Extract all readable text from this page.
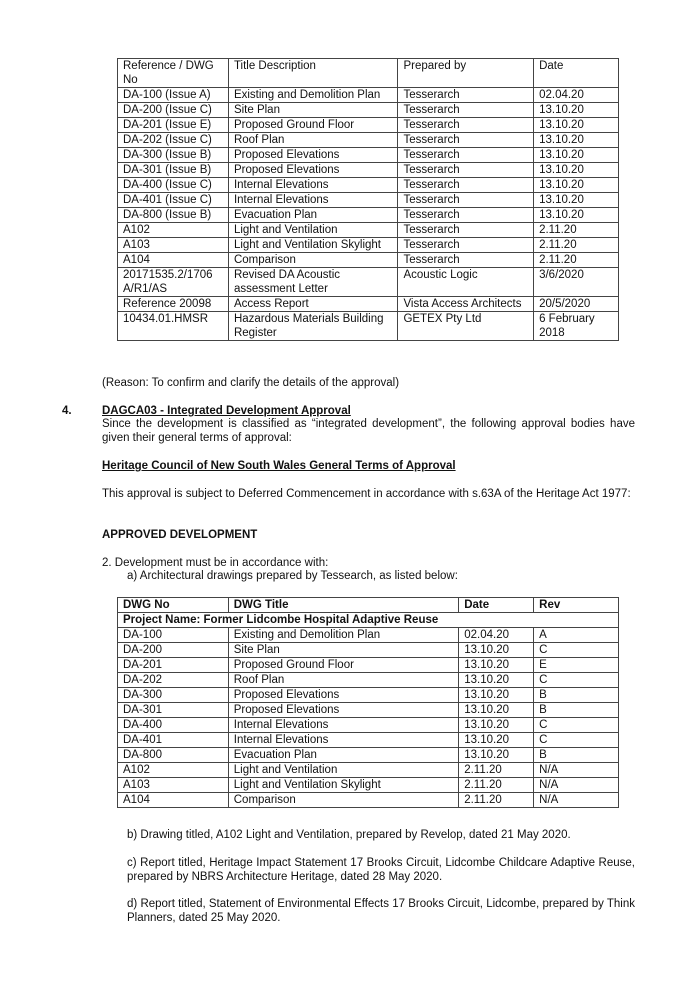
Reference / DWG No	Title Description	Prepared by	Date
DA-100 (Issue A)	Existing and Demolition Plan	Tesserarch	02.04.20
DA-200 (Issue C)	Site Plan	Tesserarch	13.10.20
DA-201 (Issue E)	Proposed Ground Floor	Tesserarch	13.10.20
DA-202 (Issue C)	Roof Plan	Tesserarch	13.10.20
DA-300 (Issue B)	Proposed Elevations	Tesserarch	13.10.20
DA-301 (Issue B)	Proposed Elevations	Tesserarch	13.10.20
DA-400 (Issue C)	Internal Elevations	Tesserarch	13.10.20
DA-401 (Issue C)	Internal Elevations	Tesserarch	13.10.20
DA-800 (Issue B)	Evacuation Plan	Tesserarch	13.10.20
A102	Light and Ventilation	Tesserarch	2.11.20
A103	Light and Ventilation Skylight	Tesserarch	2.11.20
A104	Comparison	Tesserarch	2.11.20
20171535.2/1706 A/R1/AS	Revised DA Acoustic assessment Letter	Acoustic Logic	3/6/2020
Reference 20098	Access Report	Vista Access Architects	20/5/2020
10434.01.HMSR	Hazardous Materials Building Register	GETEX Pty Ltd	6 February 2018
(Reason: To confirm and clarify the details of the approval)
4.	DAGCA03 - Integrated Development Approval
Since the development is classified as “integrated development”, the following approval bodies have given their general terms of approval:
Heritage Council of New South Wales General Terms of Approval
This approval is subject to Deferred Commencement in accordance with s.63A of the Heritage Act 1977:
APPROVED DEVELOPMENT
2. Development must be in accordance with:
a) Architectural drawings prepared by Tessearch, as listed below:
DWG No	DWG Title	Date	Rev
Project Name: Former Lidcombe Hospital Adaptive Reuse			
DA-100	Existing and Demolition Plan	02.04.20	A
DA-200	Site Plan	13.10.20	C
DA-201	Proposed Ground Floor	13.10.20	E
DA-202	Roof Plan	13.10.20	C
DA-300	Proposed Elevations	13.10.20	B
DA-301	Proposed Elevations	13.10.20	B
DA-400	Internal Elevations	13.10.20	C
DA-401	Internal Elevations	13.10.20	C
DA-800	Evacuation Plan	13.10.20	B
A102	Light and Ventilation	2.11.20	N/A
A103	Light and Ventilation Skylight	2.11.20	N/A
A104	Comparison	2.11.20	N/A
b) Drawing titled, A102 Light and Ventilation, prepared by Revelop, dated 21 May 2020.
c) Report titled, Heritage Impact Statement 17 Brooks Circuit, Lidcombe Childcare Adaptive Reuse, prepared by NBRS Architecture Heritage, dated 28 May 2020.
d) Report titled, Statement of Environmental Effects 17 Brooks Circuit, Lidcombe, prepared by Think Planners, dated 25 May 2020.
